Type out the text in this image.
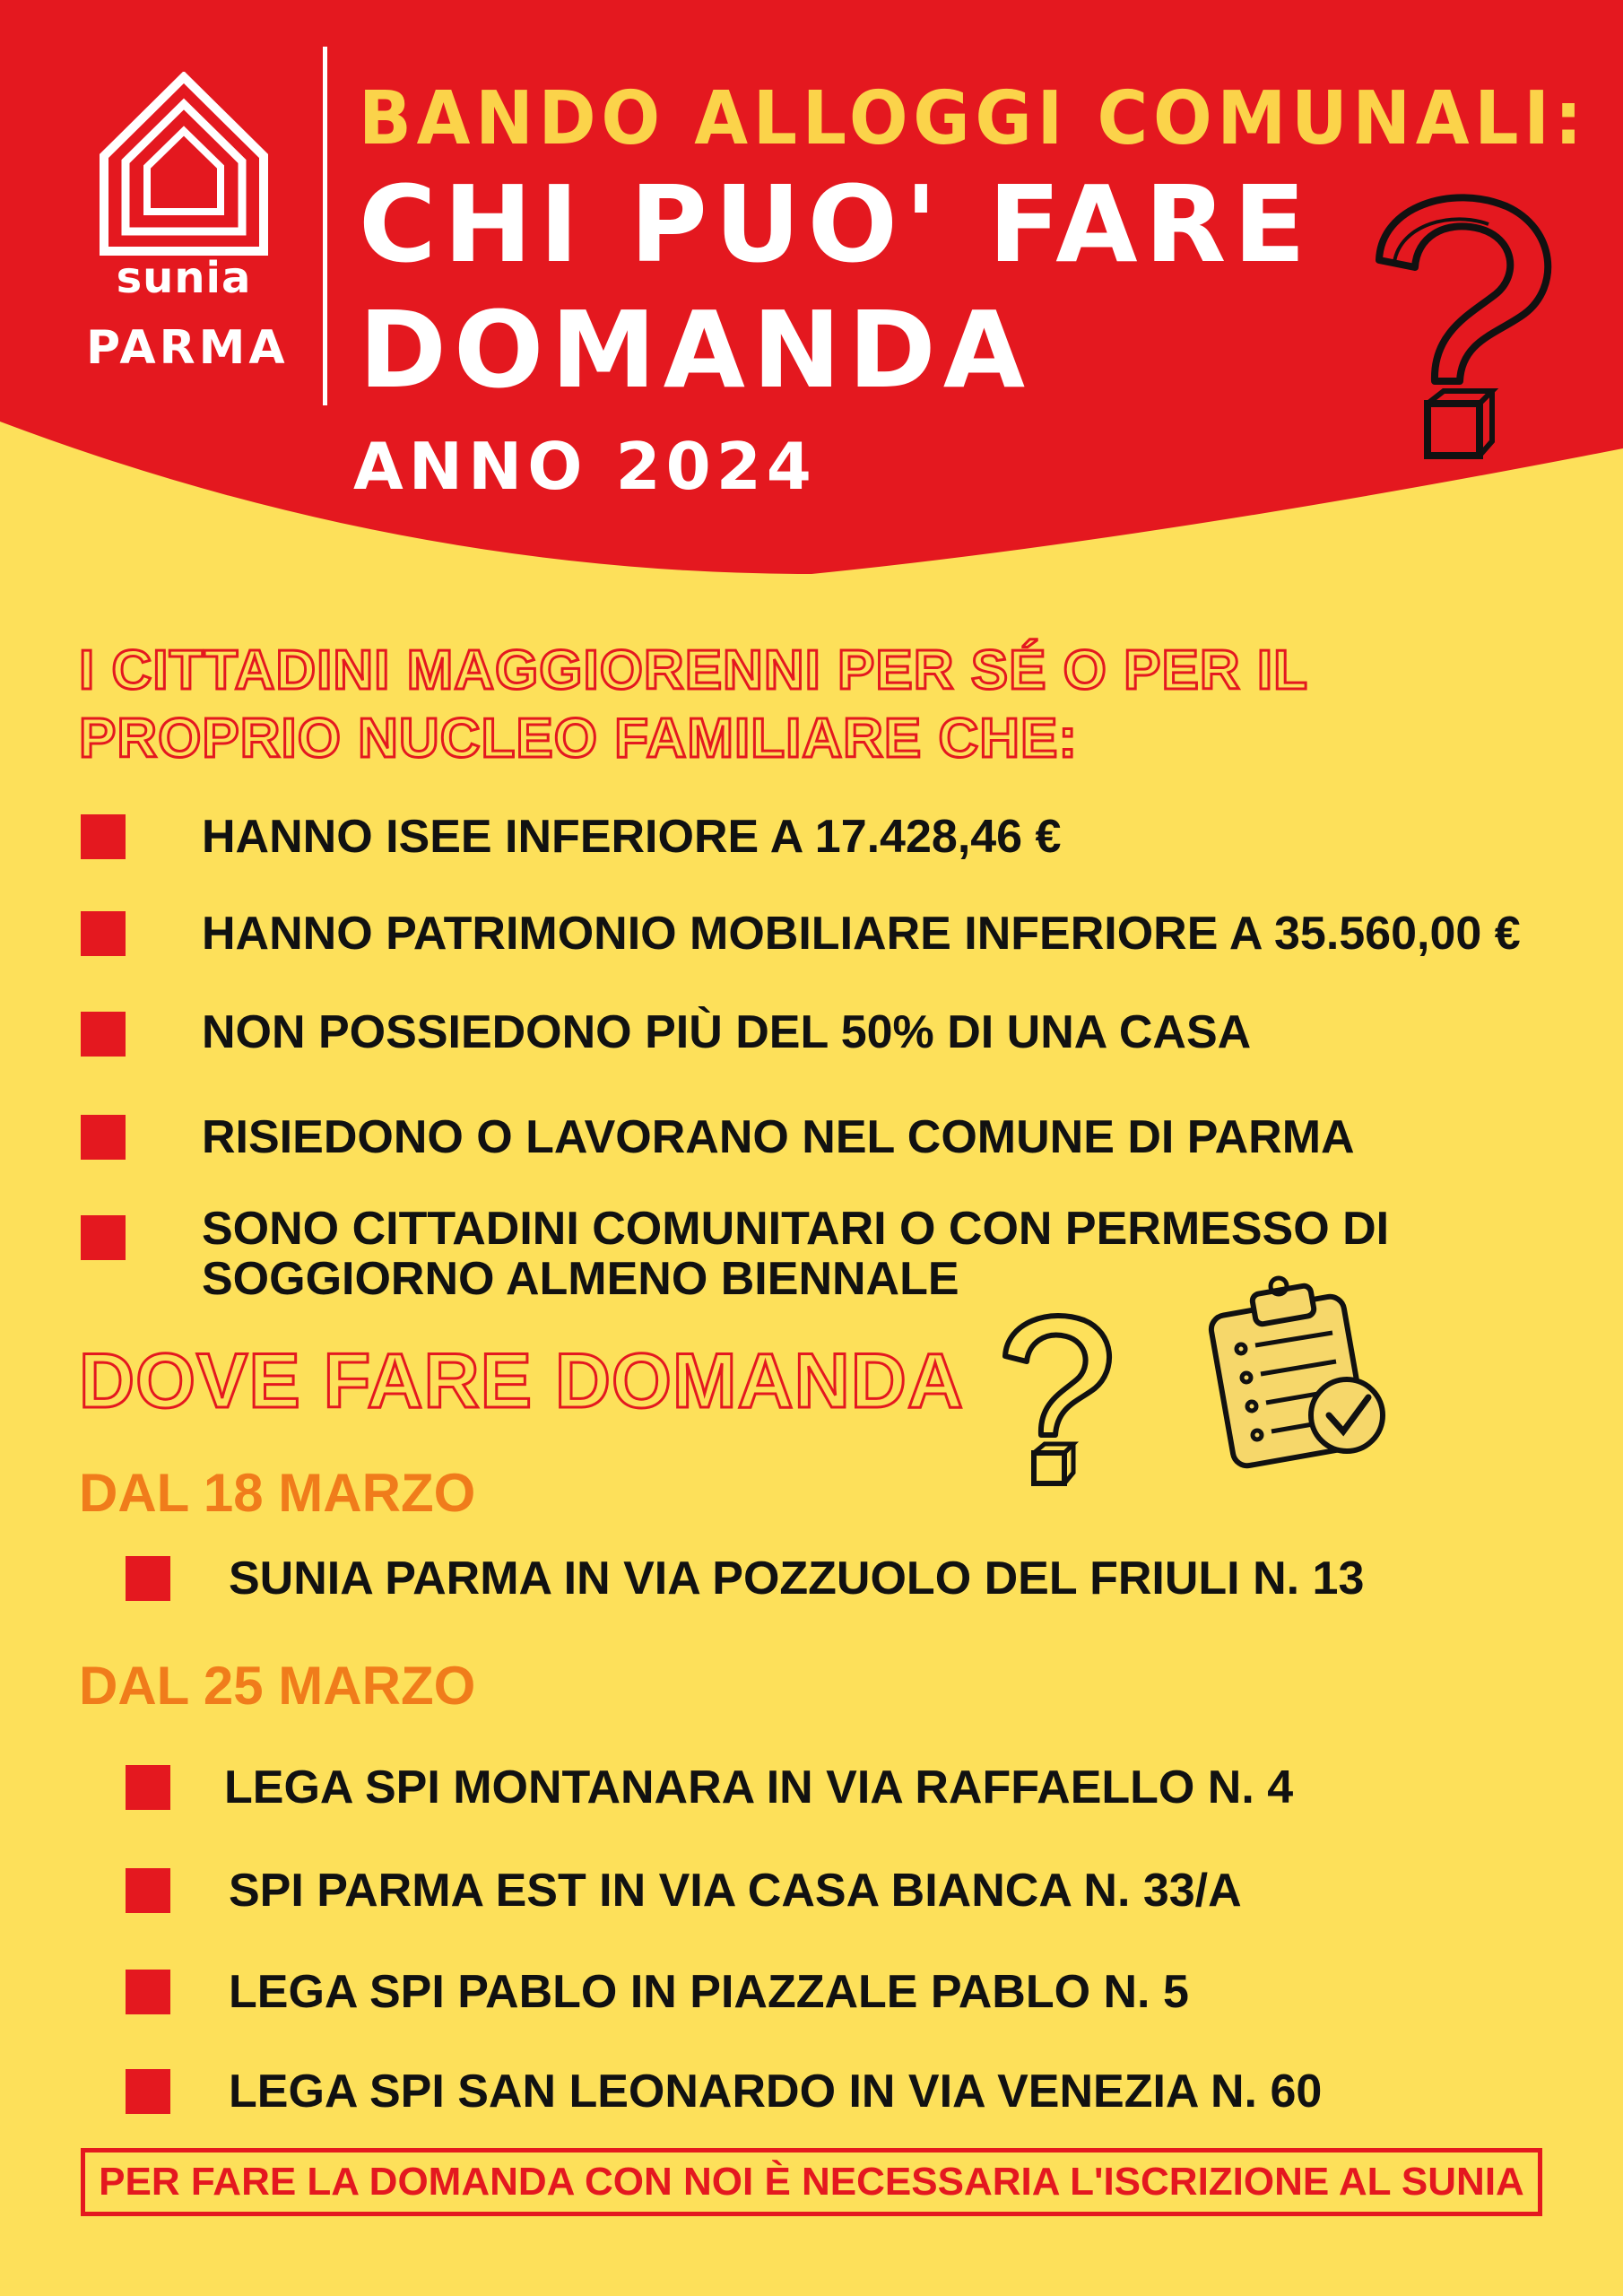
sunia
PARMA
BANDO ALLOGGI COMUNALI:
CHI PUO' FARE
DOMANDA
ANNO 2024
I CITTADINI MAGGIORENNI PER SÉ O PER IL
PROPRIO NUCLEO FAMILIARE CHE:
HANNO ISEE INFERIORE A 17.428,46 €
HANNO PATRIMONIO MOBILIARE INFERIORE A 35.560,00 €
NON POSSIEDONO PIÙ DEL 50% DI UNA CASA
RISIEDONO O LAVORANO NEL COMUNE DI PARMA
SONO CITTADINI COMUNITARI O CON PERMESSO DI
SOGGIORNO ALMENO BIENNALE
DOVE FARE DOMANDA
DAL 18 MARZO
SUNIA PARMA IN VIA POZZUOLO DEL FRIULI N. 13
DAL 25 MARZO
LEGA SPI MONTANARA IN VIA RAFFAELLO N. 4
SPI PARMA EST IN VIA CASA BIANCA N. 33/A
LEGA SPI PABLO IN PIAZZALE PABLO N. 5
LEGA SPI SAN LEONARDO IN VIA VENEZIA N. 60
PER FARE LA DOMANDA CON NOI È NECESSARIA L'ISCRIZIONE AL SUNIA
